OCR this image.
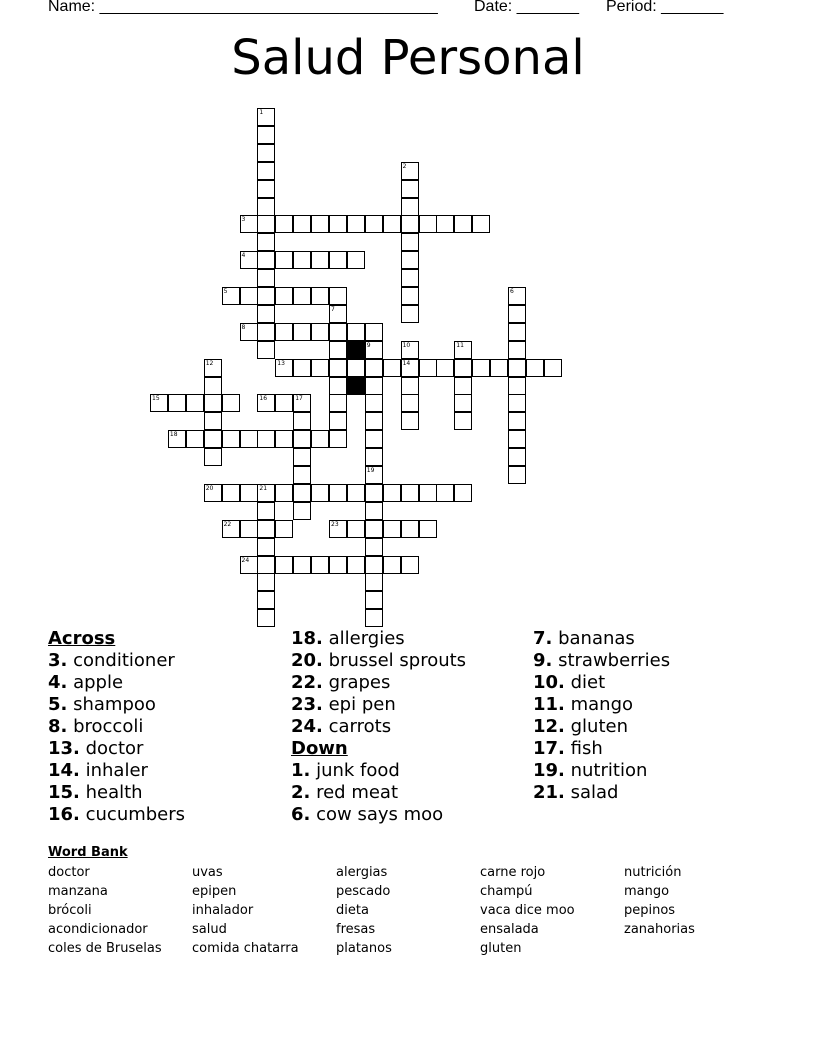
Name: ______________________________________ Date: _______ Period: _______
Salud Personal
1
2
3
4
5	6
7
8
9	10	11
12	13	14
15	16	17
18
19
20	21
22	23
24
Across
3. conditioner
4. apple
5. shampoo
8. broccoli
13. doctor
14. inhaler
15. health
16. cucumbers
18. allergies
20. brussel sprouts
22. grapes
23. epi pen
24. carrots
Down
1. junk food
2. red meat
6. cow says moo
7. bananas
9. strawberries
10. diet
11. mango
12. gluten
17. fish
19. nutrition
21. salad
Word Bank
doctor
manzana
brócoli
acondicionador
coles de Bruselas
uvas
epipen
inhalador
salud
comida chatarra
alergias
pescado
dieta
fresas
platanos
carne rojo
champú
vaca dice moo
ensalada
gluten
nutrición
mango
pepinos
zanahorias
